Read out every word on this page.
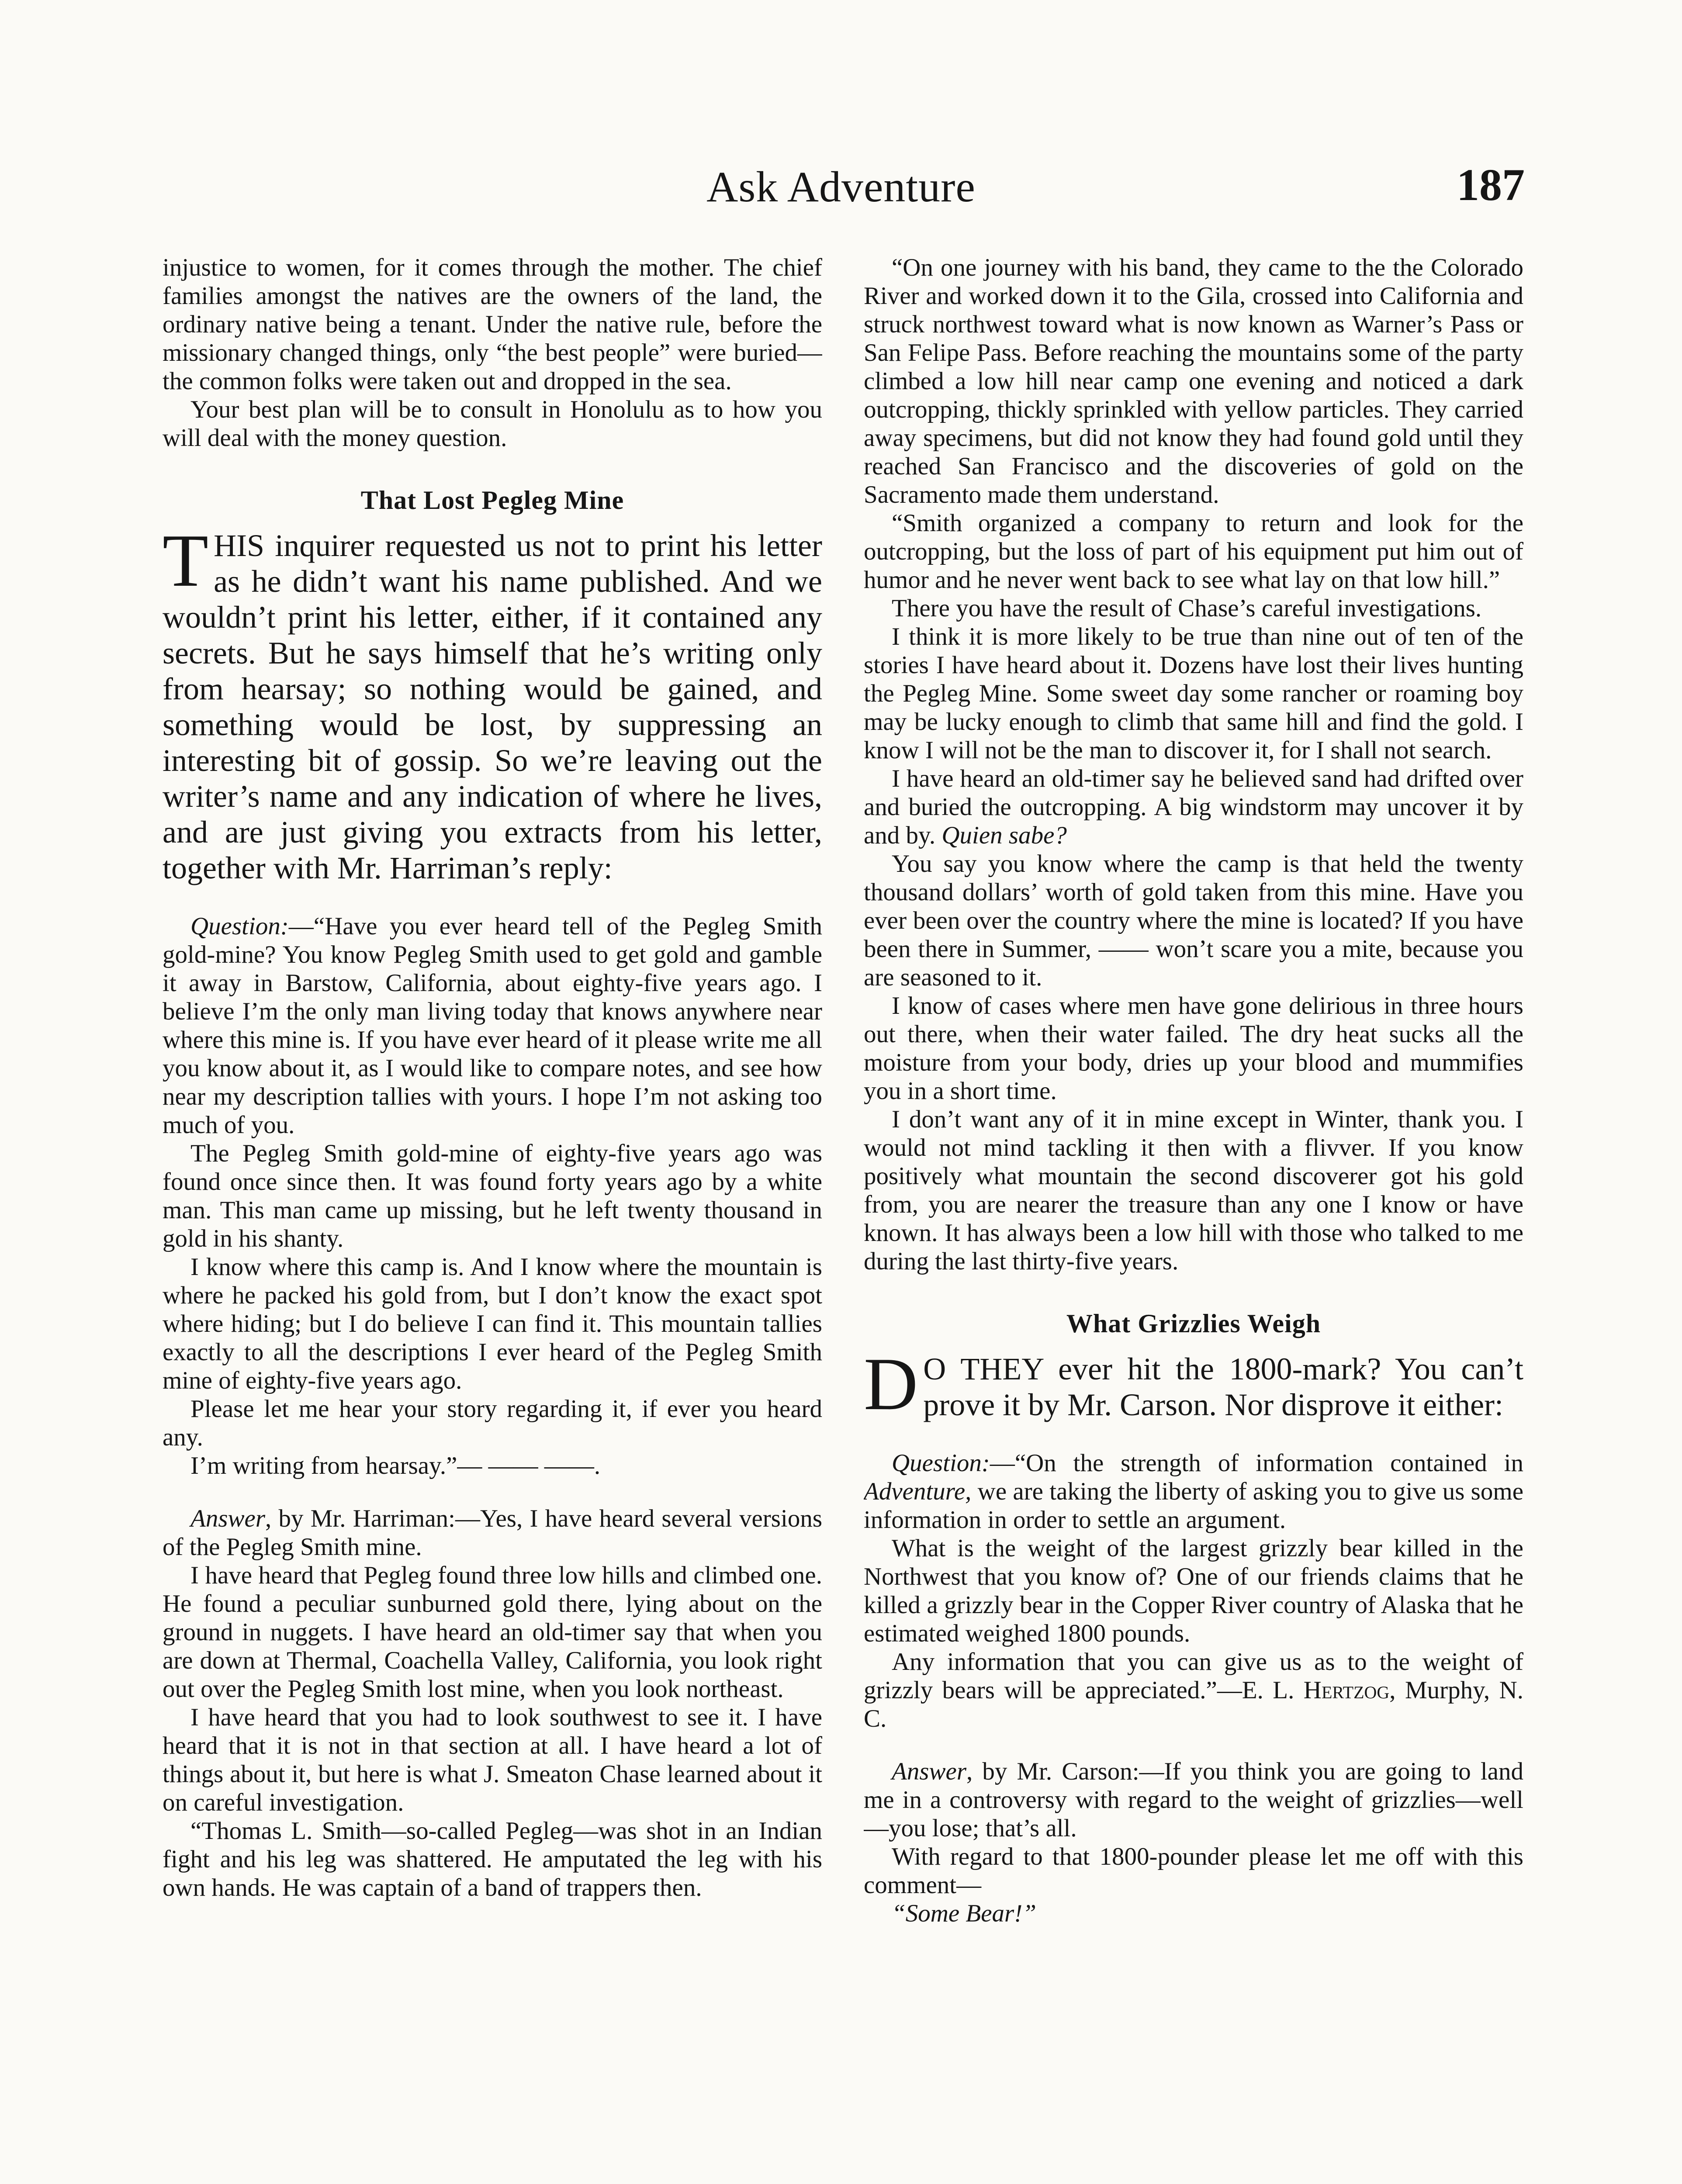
Ask Adventure	187

injustice to women, for it comes through the mother. The chief families amongst the natives are the owners of the land, the ordinary native being a tenant. Under the native rule, before the missionary changed things, only “the best people” were buried—the common folks were taken out and dropped in the sea.

Your best plan will be to consult in Honolulu as to how you will deal with the money question.

That Lost Pegleg Mine

THIS inquirer requested us not to print his letter as he didn’t want his name published. And we wouldn’t print his letter, either, if it contained any secrets. But he says himself that he’s writing only from hearsay; so nothing would be gained, and something would be lost, by suppressing an interesting bit of gossip. So we’re leaving out the writer’s name and any indication of where he lives, and are just giving you extracts from his letter, together with Mr. Harriman’s reply:

Question:—“Have you ever heard tell of the Pegleg Smith gold-mine? You know Pegleg Smith used to get gold and gamble it away in Barstow, California, about eighty-five years ago. I believe I’m the only man living today that knows anywhere near where this mine is. If you have ever heard of it please write me all you know about it, as I would like to compare notes, and see how near my description tallies with yours. I hope I’m not asking too much of you.

The Pegleg Smith gold-mine of eighty-five years ago was found once since then. It was found forty years ago by a white man. This man came up missing, but he left twenty thousand in gold in his shanty.

I know where this camp is. And I know where the mountain is where he packed his gold from, but I don’t know the exact spot where hiding; but I do believe I can find it. This mountain tallies exactly to all the descriptions I ever heard of the Pegleg Smith mine of eighty-five years ago.

Please let me hear your story regarding it, if ever you heard any.

I’m writing from hearsay.”— —— ——.

Answer, by Mr. Harriman:—Yes, I have heard several versions of the Pegleg Smith mine.

I have heard that Pegleg found three low hills and climbed one. He found a peculiar sunburned gold there, lying about on the ground in nuggets. I have heard an old-timer say that when you are down at Thermal, Coachella Valley, California, you look right out over the Pegleg Smith lost mine, when you look northeast.

I have heard that you had to look southwest to see it. I have heard that it is not in that section at all. I have heard a lot of things about it, but here is what J. Smeaton Chase learned about it on careful investigation.

“Thomas L. Smith—so-called Pegleg—was shot in an Indian fight and his leg was shattered. He amputated the leg with his own hands. He was captain of a band of trappers then.

“On one journey with his band, they came to the the Colorado River and worked down it to the Gila, crossed into California and struck northwest toward what is now known as Warner’s Pass or San Felipe Pass. Before reaching the mountains some of the party climbed a low hill near camp one evening and noticed a dark outcropping, thickly sprinkled with yellow particles. They carried away specimens, but did not know they had found gold until they reached San Francisco and the discoveries of gold on the Sacramento made them understand.

“Smith organized a company to return and look for the outcropping, but the loss of part of his equipment put him out of humor and he never went back to see what lay on that low hill.”

There you have the result of Chase’s careful investigations.

I think it is more likely to be true than nine out of ten of the stories I have heard about it. Dozens have lost their lives hunting the Pegleg Mine. Some sweet day some rancher or roaming boy may be lucky enough to climb that same hill and find the gold. I know I will not be the man to discover it, for I shall not search.

I have heard an old-timer say he believed sand had drifted over and buried the outcropping. A big windstorm may uncover it by and by. Quien sabe?

You say you know where the camp is that held the twenty thousand dollars’ worth of gold taken from this mine. Have you ever been over the country where the mine is located? If you have been there in Summer, —— won’t scare you a mite, because you are seasoned to it.

I know of cases where men have gone delirious in three hours out there, when their water failed. The dry heat sucks all the moisture from your body, dries up your blood and mummifies you in a short time.

I don’t want any of it in mine except in Winter, thank you. I would not mind tackling it then with a flivver. If you know positively what mountain the second discoverer got his gold from, you are nearer the treasure than any one I know or have known. It has always been a low hill with those who talked to me during the last thirty-five years.

What Grizzlies Weigh

D O THEY ever hit the 1800-mark? You can’t prove it by Mr. Carson. Nor disprove it either:

Question:—“On the strength of information contained in Adventure, we are taking the liberty of asking you to give us some information in order to settle an argument.

What is the weight of the largest grizzly bear killed in the Northwest that you know of? One of our friends claims that he killed a grizzly bear in the Copper River country of Alaska that he estimated weighed 1800 pounds.

Any information that you can give us as to the weight of grizzly bears will be appreciated.”—E. L. Hertzog, Murphy, N. C.

Answer, by Mr. Carson:—If you think you are going to land me in a controversy with regard to the weight of grizzlies—well—you lose; that’s all.

With regard to that 1800-pounder please let me off with this comment—

“Some Bear!”
